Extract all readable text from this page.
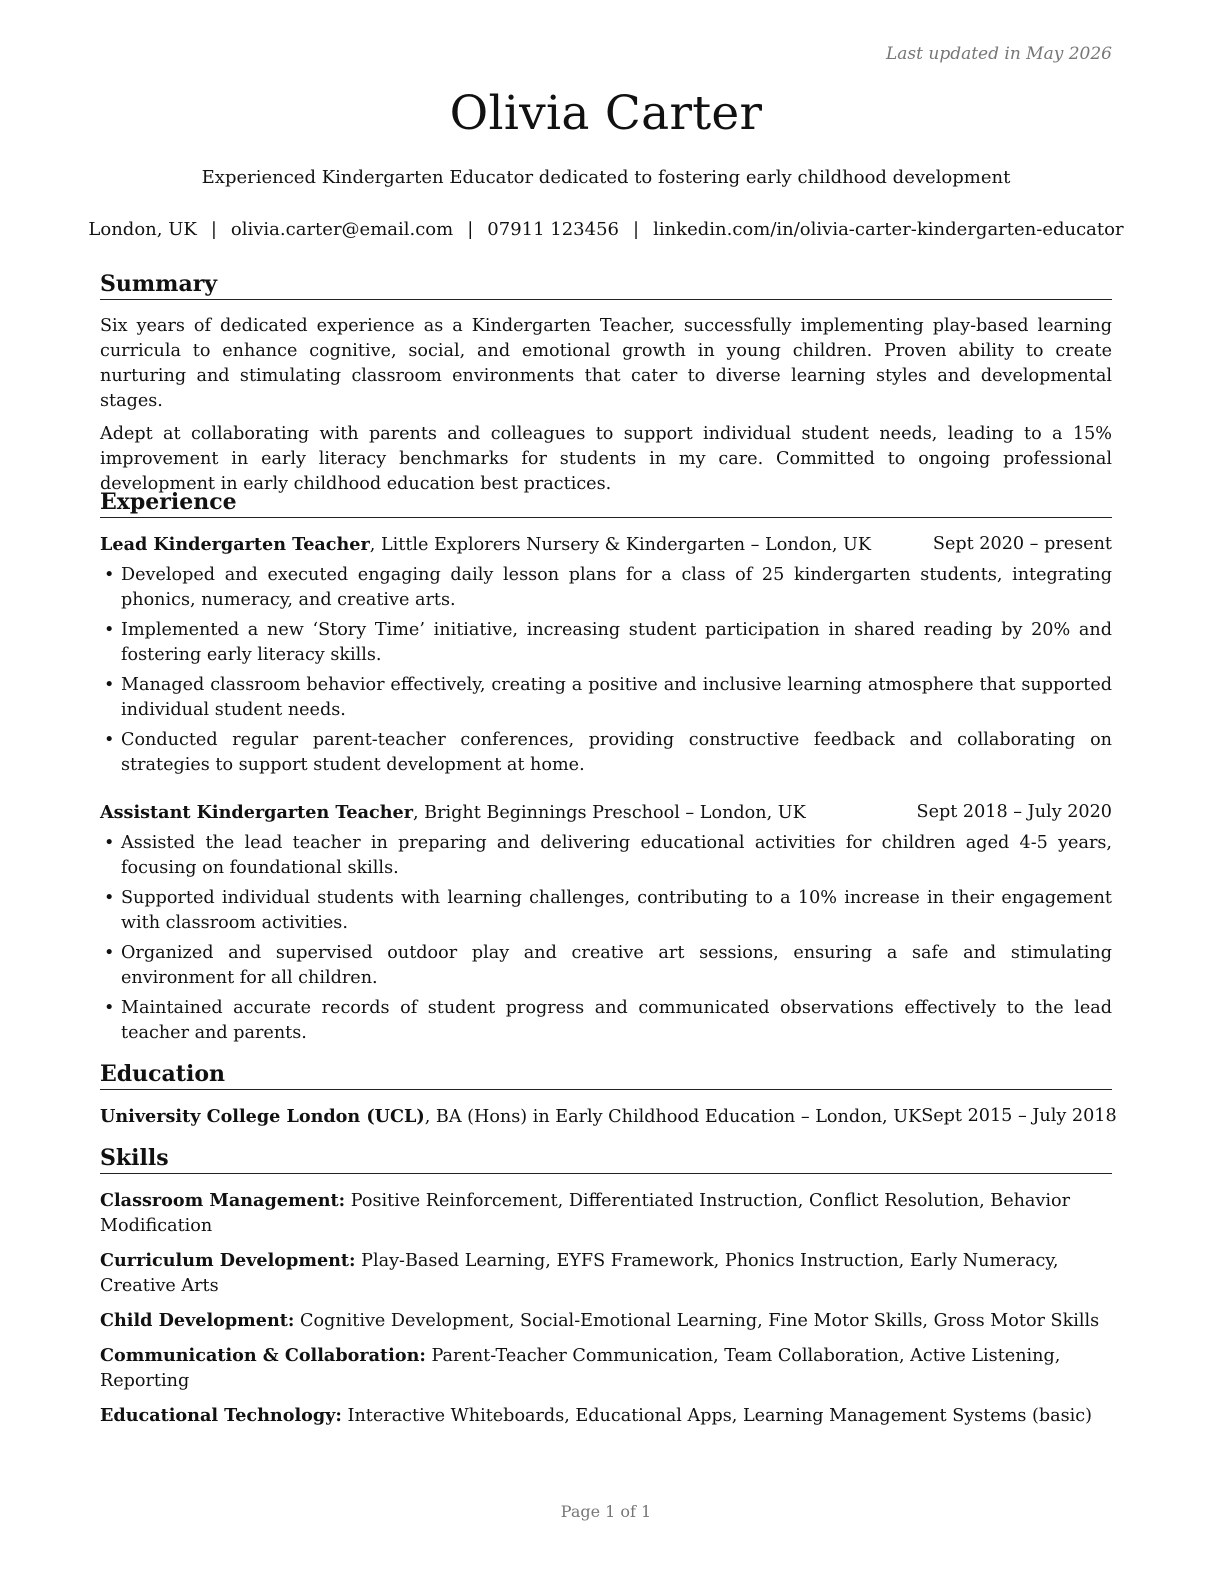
Last updated in May 2026
Olivia Carter
Experienced Kindergarten Educator dedicated to fostering early childhood development
London, UK | olivia.carter@email.com | 07911 123456 | linkedin.com/in/olivia-carter-kindergarten-educator
Summary

Six years of dedicated experience as a Kindergarten Teacher, successfully implementing play-based learning curricula to enhance cognitive, social, and emotional growth in young children. Proven ability to create nurturing and stimulating classroom environments that cater to diverse learning styles and developmental stages.

Adept at collaborating with parents and colleagues to support individual student needs, leading to a 15% improvement in early literacy benchmarks for students in my care. Committed to ongoing professional development in early childhood education best practices.

Experience
Lead Kindergarten Teacher, Little Explorers Nursery & Kindergarten – London, UK	Sept 2020 – present
• Developed and executed engaging daily lesson plans for a class of 25 kindergarten students, integrating phonics, numeracy, and creative arts.
• Implemented a new ‘Story Time’ initiative, increasing student participation in shared reading by 20% and fostering early literacy skills.
• Managed classroom behavior effectively, creating a positive and inclusive learning atmosphere that supported individual student needs.
• Conducted regular parent-teacher conferences, providing constructive feedback and collaborating on strategies to support student development at home.
Assistant Kindergarten Teacher, Bright Beginnings Preschool – London, UK	Sept 2018 – July 2020
• Assisted the lead teacher in preparing and delivering educational activities for children aged 4-5 years, focusing on foundational skills.
• Supported individual students with learning challenges, contributing to a 10% increase in their engagement with classroom activities.
• Organized and supervised outdoor play and creative art sessions, ensuring a safe and stimulating environment for all children.
• Maintained accurate records of student progress and communicated observations effectively to the lead teacher and parents.
Education
University College London (UCL), BA (Hons) in Early Childhood Education – London, UK Sept 2015 – July 2018
Skills

Classroom Management: Positive Reinforcement, Differentiated Instruction, Conflict Resolution, Behavior Modification

Curriculum Development: Play-Based Learning, EYFS Framework, Phonics Instruction, Early Numeracy, Creative Arts

Child Development: Cognitive Development, Social-Emotional Learning, Fine Motor Skills, Gross Motor Skills

Communication & Collaboration: Parent-Teacher Communication, Team Collaboration, Active Listening, Reporting

Educational Technology: Interactive Whiteboards, Educational Apps, Learning Management Systems (basic)

Page 1 of 1
